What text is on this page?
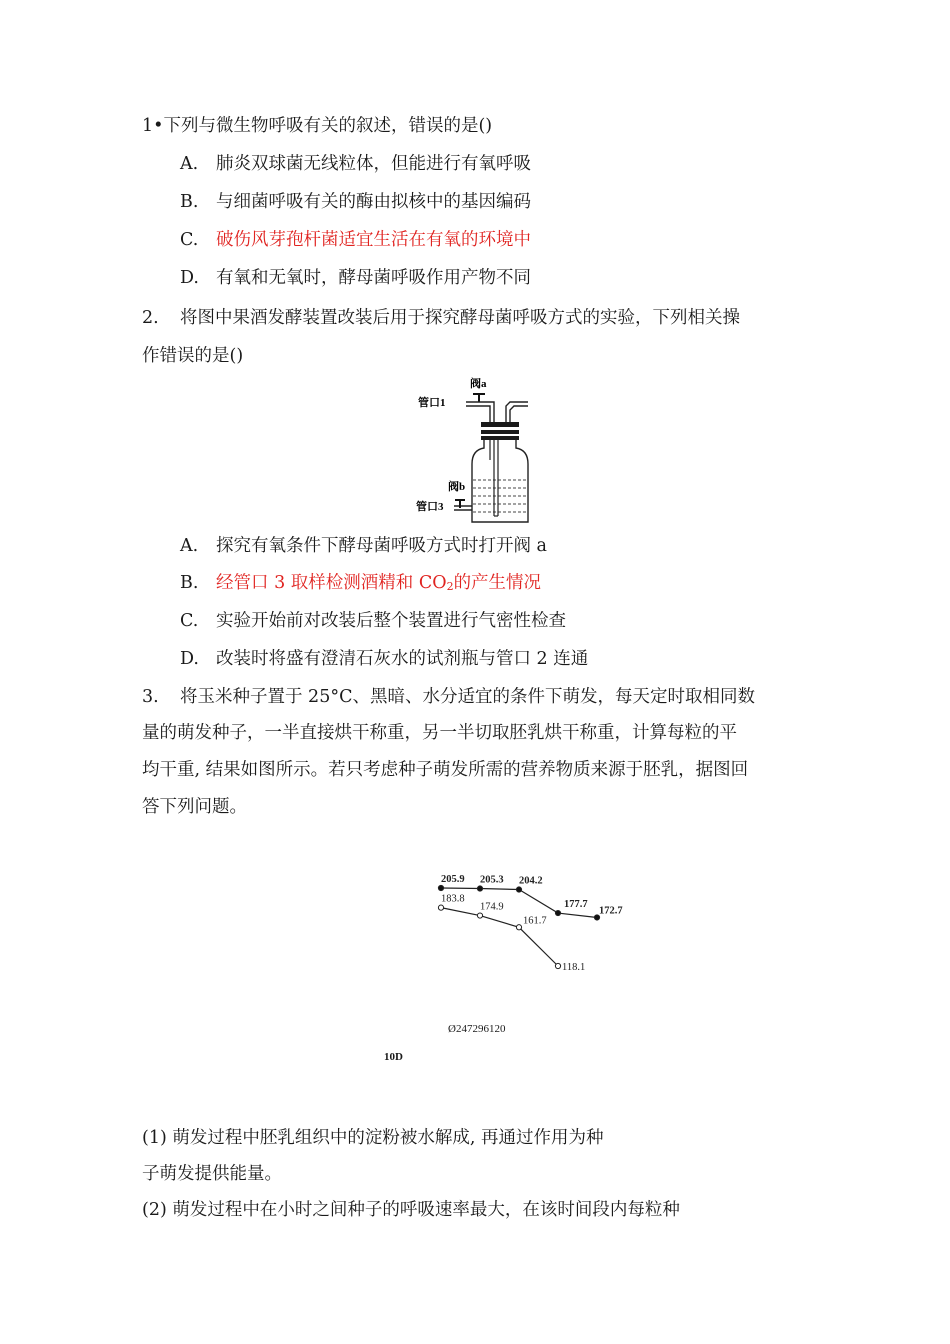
1•下列与微生物呼吸有关的叙述，错误的是()
A. 肺炎双球菌无线粒体，但能进行有氧呼吸
B. 与细菌呼吸有关的酶由拟核中的基因编码
C. 破伤风芽孢杆菌适宜生活在有氧的环境中
D. 有氧和无氧时，酵母菌呼吸作用产物不同
2. 将图中果酒发酵装置改装后用于探究酵母菌呼吸方式的实验，下列相关操
作错误的是()
阀a
管口1
阀b
管口3
A. 探究有氧条件下酵母菌呼吸方式时打开阀 a
B. 经管口 3 取样检测酒精和 $CO_2$的产生情况
C. 实验开始前对改装后整个装置进行气密性检查
D. 改装时将盛有澄清石灰水的试剂瓶与管口 2 连通
3. 将玉米种子置于 25°C、黑暗、水分适宜的条件下萌发，每天定时取相同数
量的萌发种子，一半直接烘干称重，另一半切取胚乳烘干称重，计算每粒的平
均干重, 结果如图所示。若只考虑种子萌发所需的营养物质来源于胚乳，据图回
答下列问题。
205.9 205.3 204.2
177.7
172.7
183.8
174.9
161.7
118.1
Ø247296120
10D
(1) 萌发过程中胚乳组织中的淀粉被水解成, 再通过作用为种
子萌发提供能量。
(2) 萌发过程中在小时之间种子的呼吸速率最大，在该时间段内每粒种
